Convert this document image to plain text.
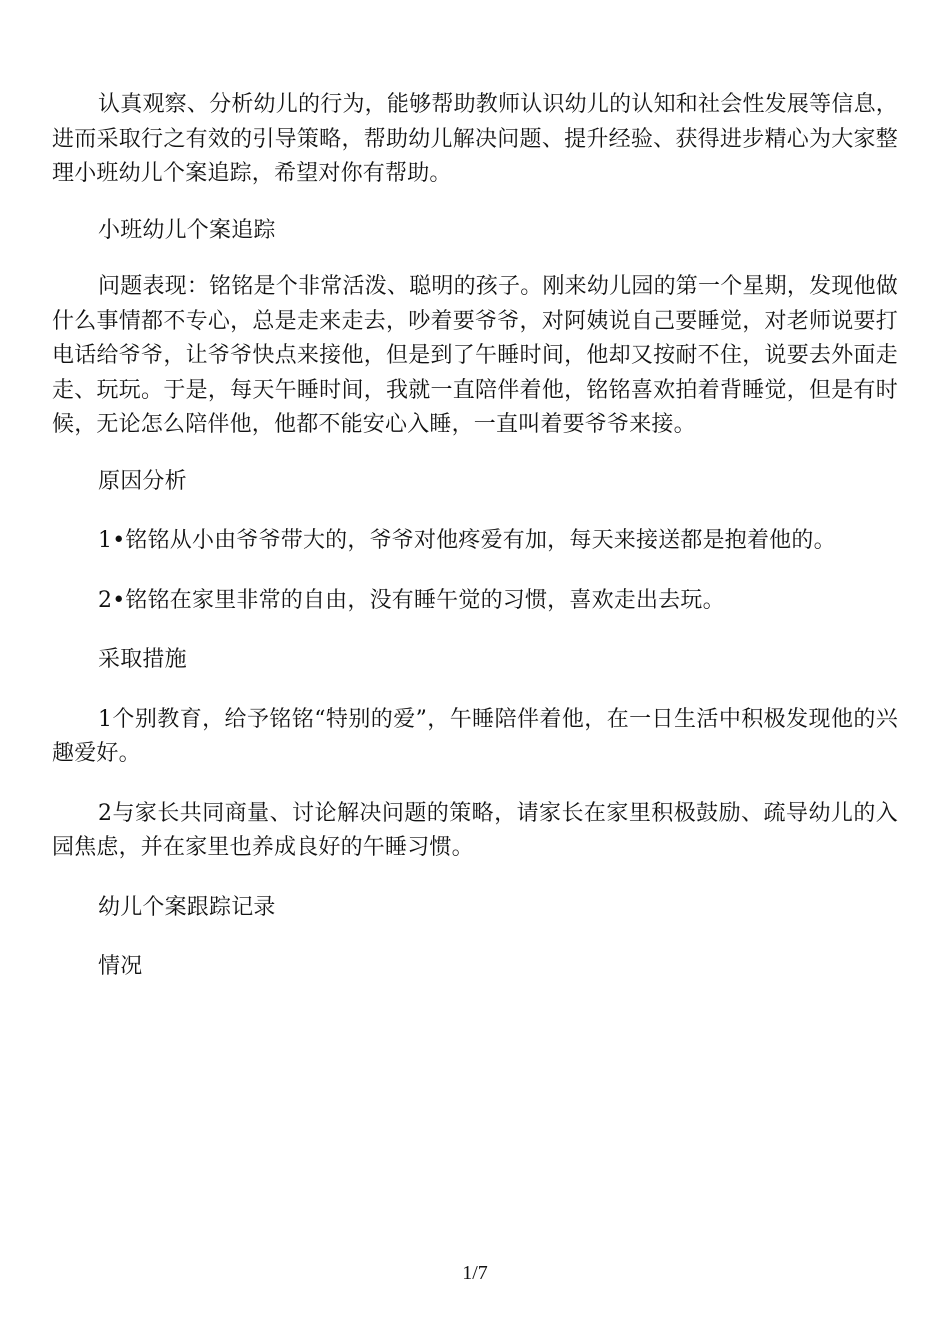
认真观察、分析幼儿的行为，能够帮助教师认识幼儿的认知和社会性发展等信息，进而采取行之有效的引导策略，帮助幼儿解决问题、提升经验、获得进步精心为大家整理小班幼儿个案追踪，希望对你有帮助。

小班幼儿个案追踪

问题表现：铭铭是个非常活泼、聪明的孩子。刚来幼儿园的第一个星期，发现他做什么事情都不专心，总是走来走去，吵着要爷爷，对阿姨说自己要睡觉，对老师说要打电话给爷爷，让爷爷快点来接他，但是到了午睡时间，他却又按耐不住，说要去外面走走、玩玩。于是，每天午睡时间，我就一直陪伴着他，铭铭喜欢拍着背睡觉，但是有时候，无论怎么陪伴他，他都不能安心入睡，一直叫着要爷爷来接。

原因分析

1•铭铭从小由爷爷带大的，爷爷对他疼爱有加，每天来接送都是抱着他的。

2•铭铭在家里非常的自由，没有睡午觉的习惯，喜欢走出去玩。

采取措施

1个别教育，给予铭铭“特别的爱”，午睡陪伴着他，在一日生活中积极发现他的兴趣爱好。

2与家长共同商量、讨论解决问题的策略，请家长在家里积极鼓励、疏导幼儿的入园焦虑，并在家里也养成良好的午睡习惯。

幼儿个案跟踪记录

情况

1/7
